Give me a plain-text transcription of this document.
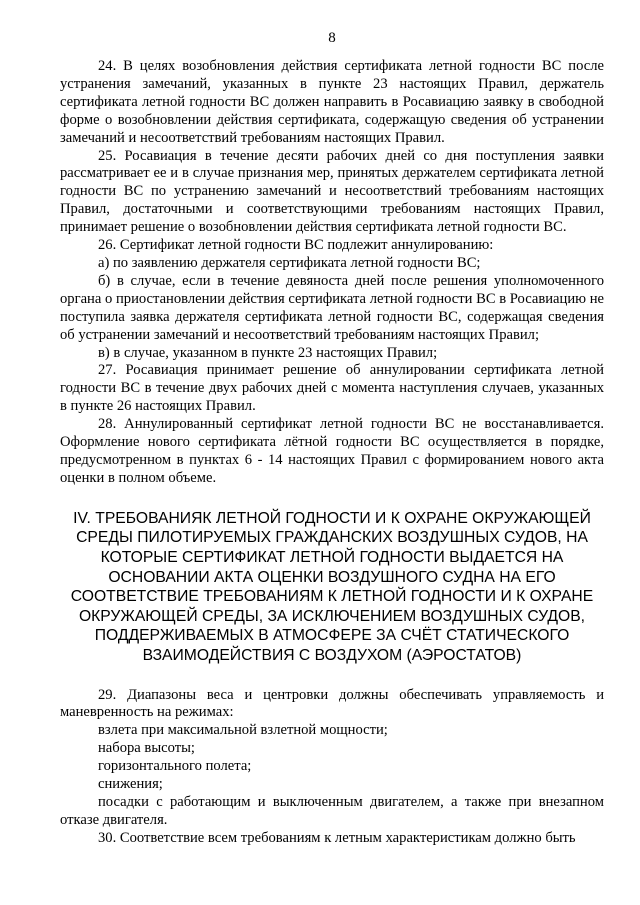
8

24. В целях возобновления действия сертификата летной годности ВС после устранения замечаний, указанных в пункте 23 настоящих Правил, держатель сертификата летной годности ВС должен направить в Росавиацию заявку в свободной форме о возобновлении действия сертификата, содержащую сведения об устранении замечаний и несоответствий требованиям настоящих Правил.

25. Росавиация в течение десяти рабочих дней со дня поступления заявки рассматривает ее и в случае признания мер, принятых держателем сертификата летной годности ВС по устранению замечаний и несоответствий требованиям настоящих Правил, достаточными и соответствующими требованиям настоящих Правил, принимает решение о возобновлении действия сертификата летной годности ВС.

26. Сертификат летной годности ВС подлежит аннулированию:

а) по заявлению держателя сертификата летной годности ВС;

б) в случае, если в течение девяноста дней после решения уполномоченного органа о приостановлении действия сертификата летной годности ВС в Росавиацию не поступила заявка держателя сертификата летной годности ВС, содержащая сведения об устранении замечаний и несоответствий требованиям настоящих Правил;

в) в случае, указанном в пункте 23 настоящих Правил;

27. Росавиация принимает решение об аннулировании сертификата летной годности ВС в течение двух рабочих дней с момента наступления случаев, указанных в пункте 26 настоящих Правил.

28. Аннулированный сертификат летной годности ВС не восстанавливается. Оформление нового сертификата лётной годности ВС осуществляется в порядке, предусмотренном в пунктах 6 - 14 настоящих Правил с формированием нового акта оценки в полном объеме.

IV. ТРЕБОВАНИЯК ЛЕТНОЙ ГОДНОСТИ И К ОХРАНЕ ОКРУЖАЮЩЕЙ СРЕДЫ ПИЛОТИРУЕМЫХ ГРАЖДАНСКИХ ВОЗДУШНЫХ СУДОВ, НА КОТОРЫЕ СЕРТИФИКАТ ЛЕТНОЙ ГОДНОСТИ ВЫДАЕТСЯ НА ОСНОВАНИИ АКТА ОЦЕНКИ ВОЗДУШНОГО СУДНА НА ЕГО СООТВЕТСТВИЕ ТРЕБОВАНИЯМ К ЛЕТНОЙ ГОДНОСТИ И К ОХРАНЕ ОКРУЖАЮЩЕЙ СРЕДЫ, ЗА ИСКЛЮЧЕНИЕМ ВОЗДУШНЫХ СУДОВ, ПОДДЕРЖИВАЕМЫХ В АТМОСФЕРЕ ЗА СЧЁТ СТАТИЧЕСКОГО ВЗАИМОДЕЙСТВИЯ С ВОЗДУХОМ (АЭРОСТАТОВ)

29. Диапазоны веса и центровки должны обеспечивать управляемость и маневренность на режимах:

взлета при максимальной взлетной мощности;

набора высоты;

горизонтального полета;

снижения;

посадки с работающим и выключенным двигателем, а также при внезапном отказе двигателя.

30. Соответствие всем требованиям к летным характеристикам должно быть
